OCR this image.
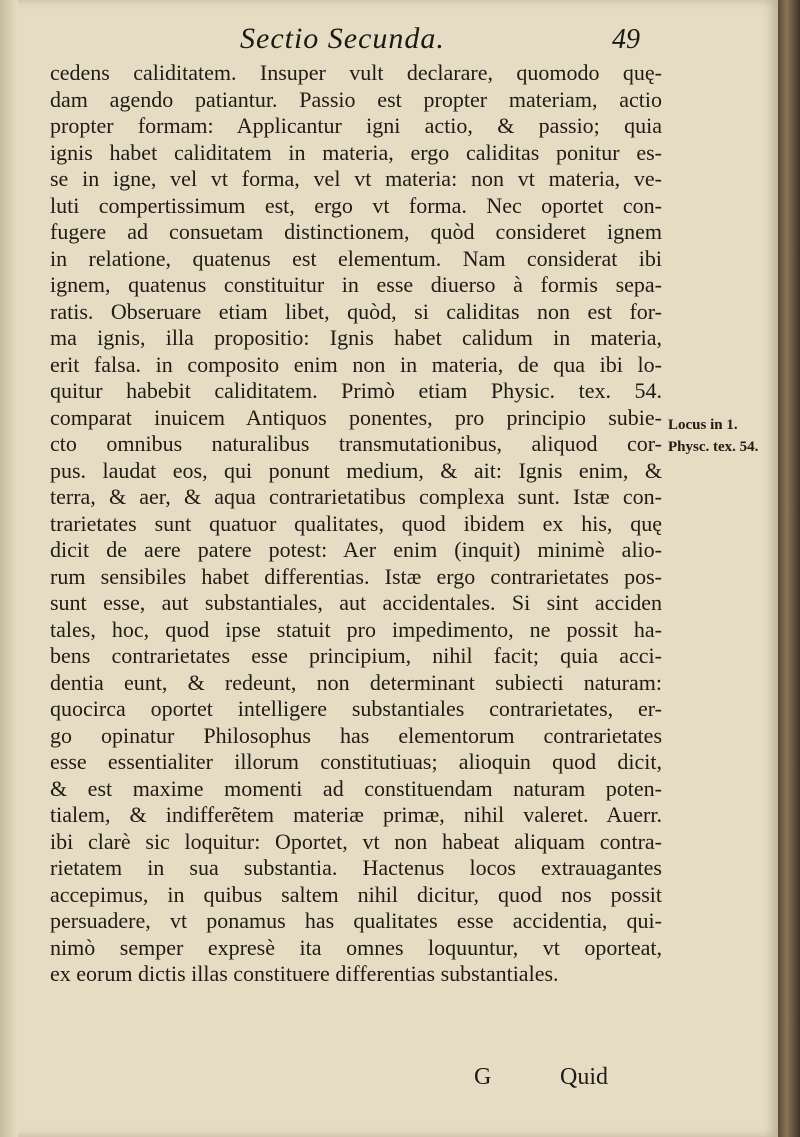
Sectio Secunda.	49
cedens caliditatem. Insuper vult declarare, quomodo quę-
dam agendo patiantur. Passio est propter materiam, actio
propter formam: Applicantur igni actio, & passio; quia
ignis habet caliditatem in materia, ergo caliditas ponitur es-
se in igne, vel vt forma, vel vt materia: non vt materia, ve-
luti compertissimum est, ergo vt forma. Nec oportet con-
fugere ad consuetam distinctionem, quòd consideret ignem
in relatione, quatenus est elementum. Nam considerat ibi
ignem, quatenus constituitur in esse diuerso à formis sepa-
ratis. Obseruare etiam libet, quòd, si caliditas non est for-
ma ignis, illa propositio: Ignis habet calidum in materia,
erit falsa. in composito enim non in materia, de qua ibi lo-
quitur habebit caliditatem. Primò etiam Physic. tex. 54.
comparat inuicem Antiquos ponentes, pro principio subie-
cto omnibus naturalibus transmutationibus, aliquod cor-
pus. laudat eos, qui ponunt medium, & ait: Ignis enim, &
terra, & aer, & aqua contrarietatibus complexa sunt. Istæ con-
trarietates sunt quatuor qualitates, quod ibidem ex his, quę
dicit de aere patere potest: Aer enim (inquit) minimè alio-
rum sensibiles habet differentias. Istæ ergo contrarietates pos-
sunt esse, aut substantiales, aut accidentales. Si sint acciden
tales, hoc, quod ipse statuit pro impedimento, ne possit ha-
bens contrarietates esse principium, nihil facit; quia acci-
dentia eunt, & redeunt, non determinant subiecti naturam:
quocirca oportet intelligere substantiales contrarietates, er-
go opinatur Philosophus has elementorum contrarietates
esse essentialiter illorum constitutiuas; alioquin quod dicit,
& est maxime momenti ad constituendam naturam poten-
tialem, & indifferẽtem materiæ primæ, nihil valeret. Auerr.
ibi clarè sic loquitur: Oportet, vt non habeat aliquam contra-
rietatem in sua substantia. Hactenus locos extrauagantes
accepimus, in quibus saltem nihil dicitur, quod nos possit
persuadere, vt ponamus has qualitates esse accidentia, qui-
nimò semper expresè ita omnes loquuntur, vt oporteat,
ex eorum dictis illas constituere differentias substantiales.
Locus in 1.
Physc. tex. 54.
G	Quid
